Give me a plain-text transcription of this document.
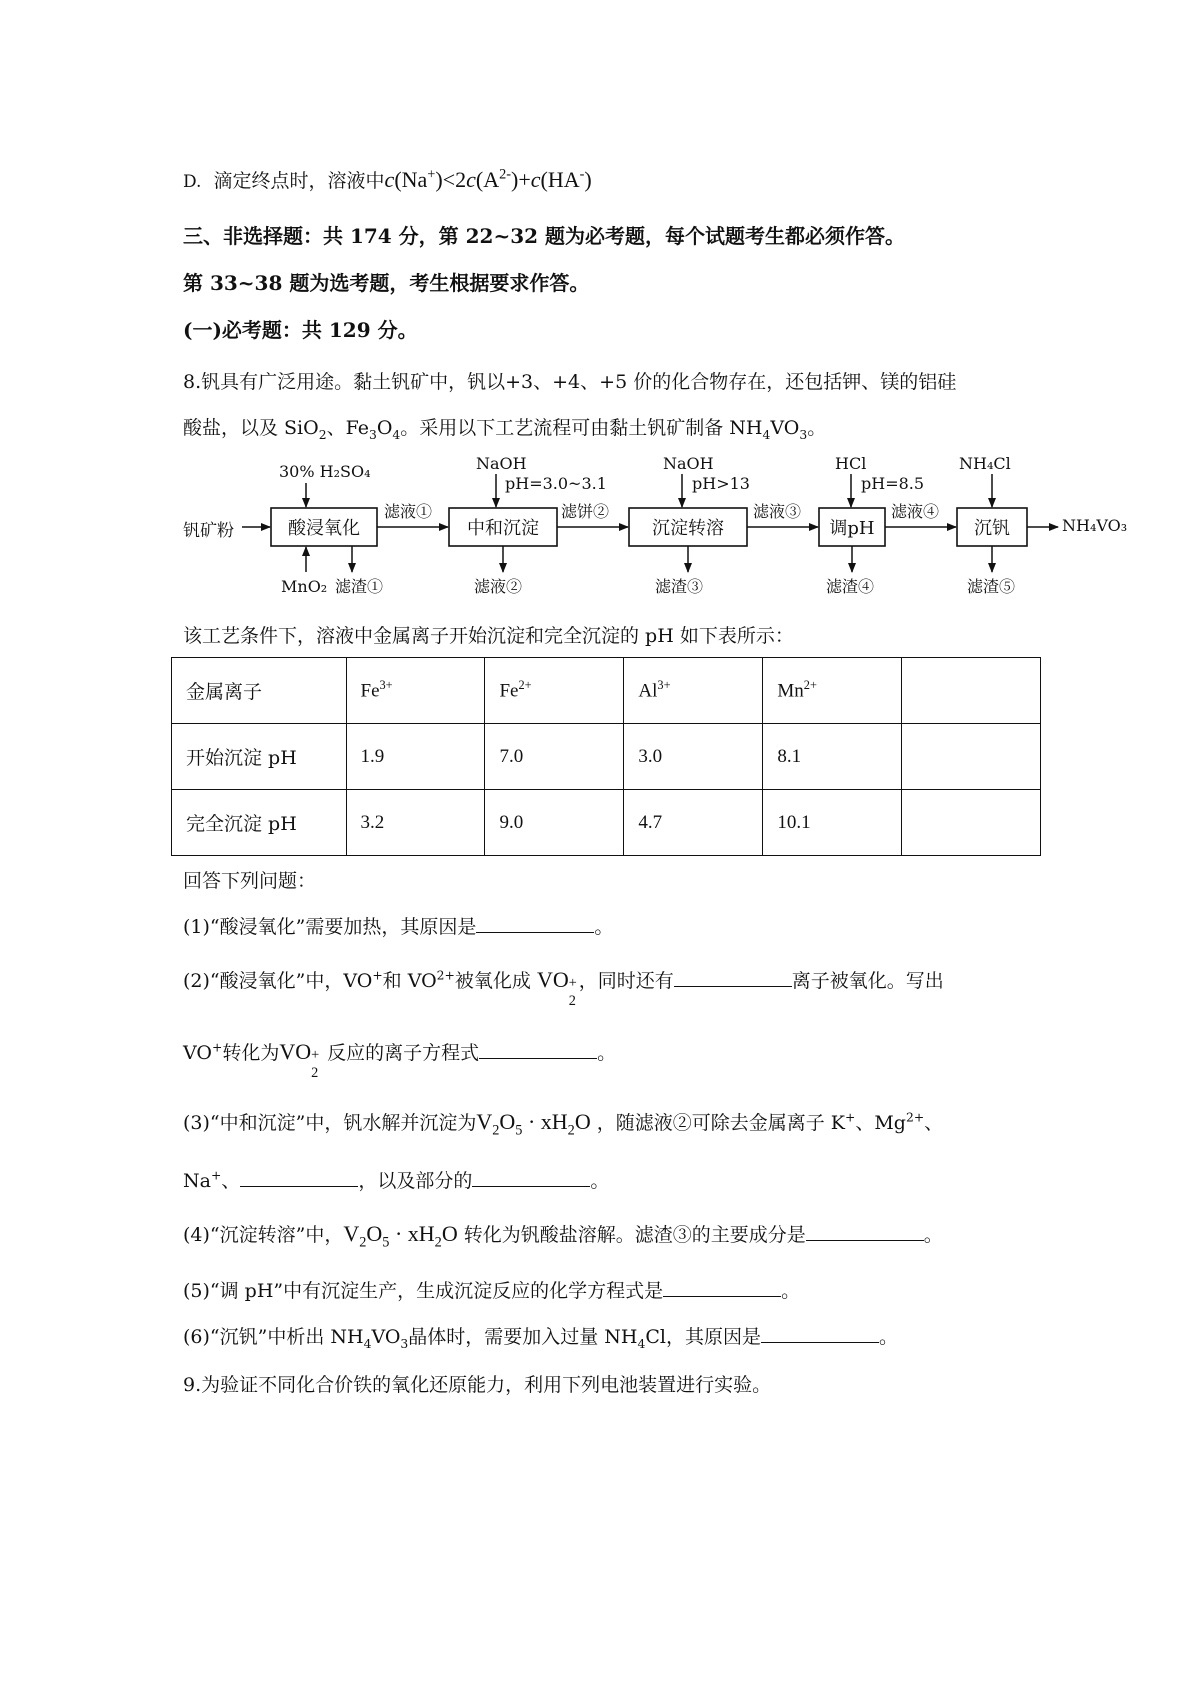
D. 滴定终点时，溶液中$c(Na^+)<2c(A^{2-})+c(HA^-)$
三、非选择题：共 174 分，第 22~32 题为必考题，每个试题考生都必须作答。
第 33~38 题为选考题，考生根据要求作答。
(一)必考题：共 129 分。
8.钒具有广泛用途。黏土钒矿中，钒以+3、+4、+5 价的化合物存在，还包括钾、镁的铝硅
酸盐，以及 SiO$_2$、$Fe_3O_4$。采用以下工艺流程可由黏土钒矿制备 $NH_4VO_3$。
钒矿粉	NH₄VO₃
酸浸氧化	中和沉淀	沉淀转溶	调pH	沉钒
30% H₂SO₄	NaOH	NaOH	HCl	NH₄Cl
pH=3.0~3.1	pH>13	pH=8.5
滤液①	滤饼②	滤液③	滤液④
MnO₂ 滤渣①	滤液②	滤渣③	滤渣④	滤渣⑤
该工艺条件下，溶液中金属离子开始沉淀和完全沉淀的 pH 如下表所示：
金属离子	$Fe^{3+}$	$Fe^{2+}$	$Al^{3+}$	$Mn^{2+}$	
开始沉淀 pH	1.9	7.0	3.0	8.1	
完全沉淀 pH	3.2	9.0	4.7	10.1	
回答下列问题：
(1)“酸浸氧化”需要加热，其原因是	。
(2)“酸浸氧化”中，VO+和 $VO^{2+}$被氧化成 VO +
2
，同时还有	离子被氧化。写出
VO+转化为VO +
2
反应的离子方程式	。
(3)“中和沉淀”中，钒水解并沉淀为$V_2O_5 \cdot xH_2O$ ，随滤液②可除去金属离子 K+、$Mg^{2+}$、
Na+、	，以及部分的	。
(4)“沉淀转溶”中，$V_2O_5 \cdot xH_2O$ 转化为钒酸盐溶解。滤渣③的主要成分是	。
(5)“调 pH”中有沉淀生产，生成沉淀反应的化学方程式是	。
(6)“沉钒”中析出 $NH_4VO_3$晶体时，需要加入过量 $NH_4Cl$，其原因是	。
9.为验证不同化合价铁的氧化还原能力，利用下列电池装置进行实验。
